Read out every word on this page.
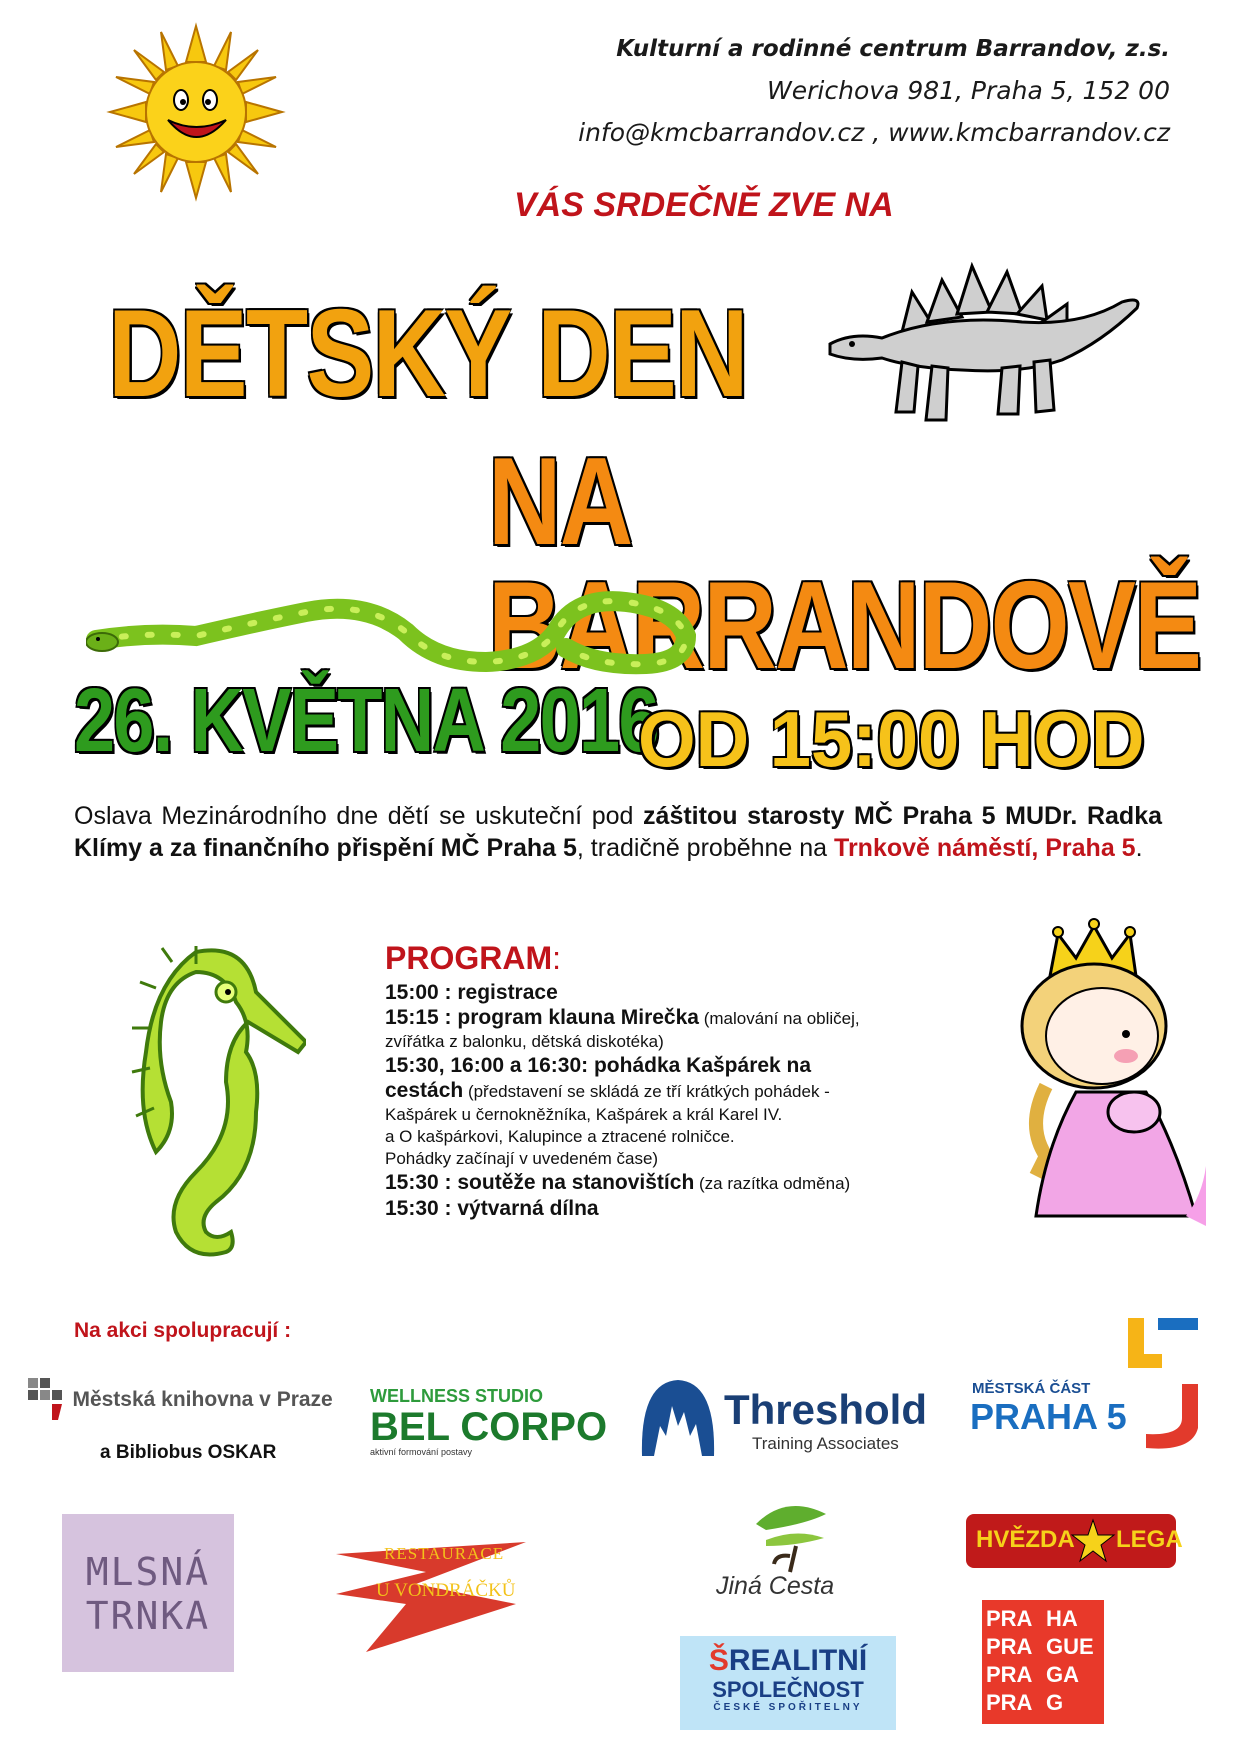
Kulturní a rodinné centrum Barrandov, z.s.
Werichova 981, Praha 5, 152 00
info@kmcbarrandov.cz , www.kmcbarrandov.cz
VÁS SRDEČNĚ ZVE NA
DĚTSKÝ DEN
NA BARRANDOVĚ
26. KVĚTNA 2016
OD 15:00 HOD
Oslava Mezinárodního dne dětí se uskuteční pod záštitou starosty MČ Praha 5 MUDr. Radka Klímy a za finančního přispění MČ Praha 5, tradičně proběhne na Trnkově náměstí, Praha 5.
PROGRAM:
15:00 : registrace
15:15 : program klauna Mirečka (malování na obličej,
zvířátka z balonku, dětská diskotéka)
15:30, 16:00 a 16:30: pohádka Kašpárek na
cestách (představení se skládá ze tří krátkých pohádek -
Kašpárek u černokněžníka, Kašpárek a král Karel IV.
a O kašpárkovi, Kalupince a ztracené rolničce.
Pohádky začínají v uvedeném čase)
15:30 : soutěže na stanovištích (za razítka odměna)
15:30 : výtvarná dílna
Na akci spolupracují :
Městská knihovna v Praze
a Bibliobus OSKAR
WELLNESS STUDIO
BEL CORPO
aktivní formování postavy
Threshold
Training Associates
MĚSTSKÁ ČÁST
PRAHA 5
MLSNÁ
TRNKA
RESTAURACE
U VONDRÁČKŮ	Jiná Cesta
HVĚZDA LEGA
ŠREALITNÍ
SPOLEČNOST
ČESKÉ SPOŘITELNY
PRA HA
PRA GUE
PRA GA
PRA G
